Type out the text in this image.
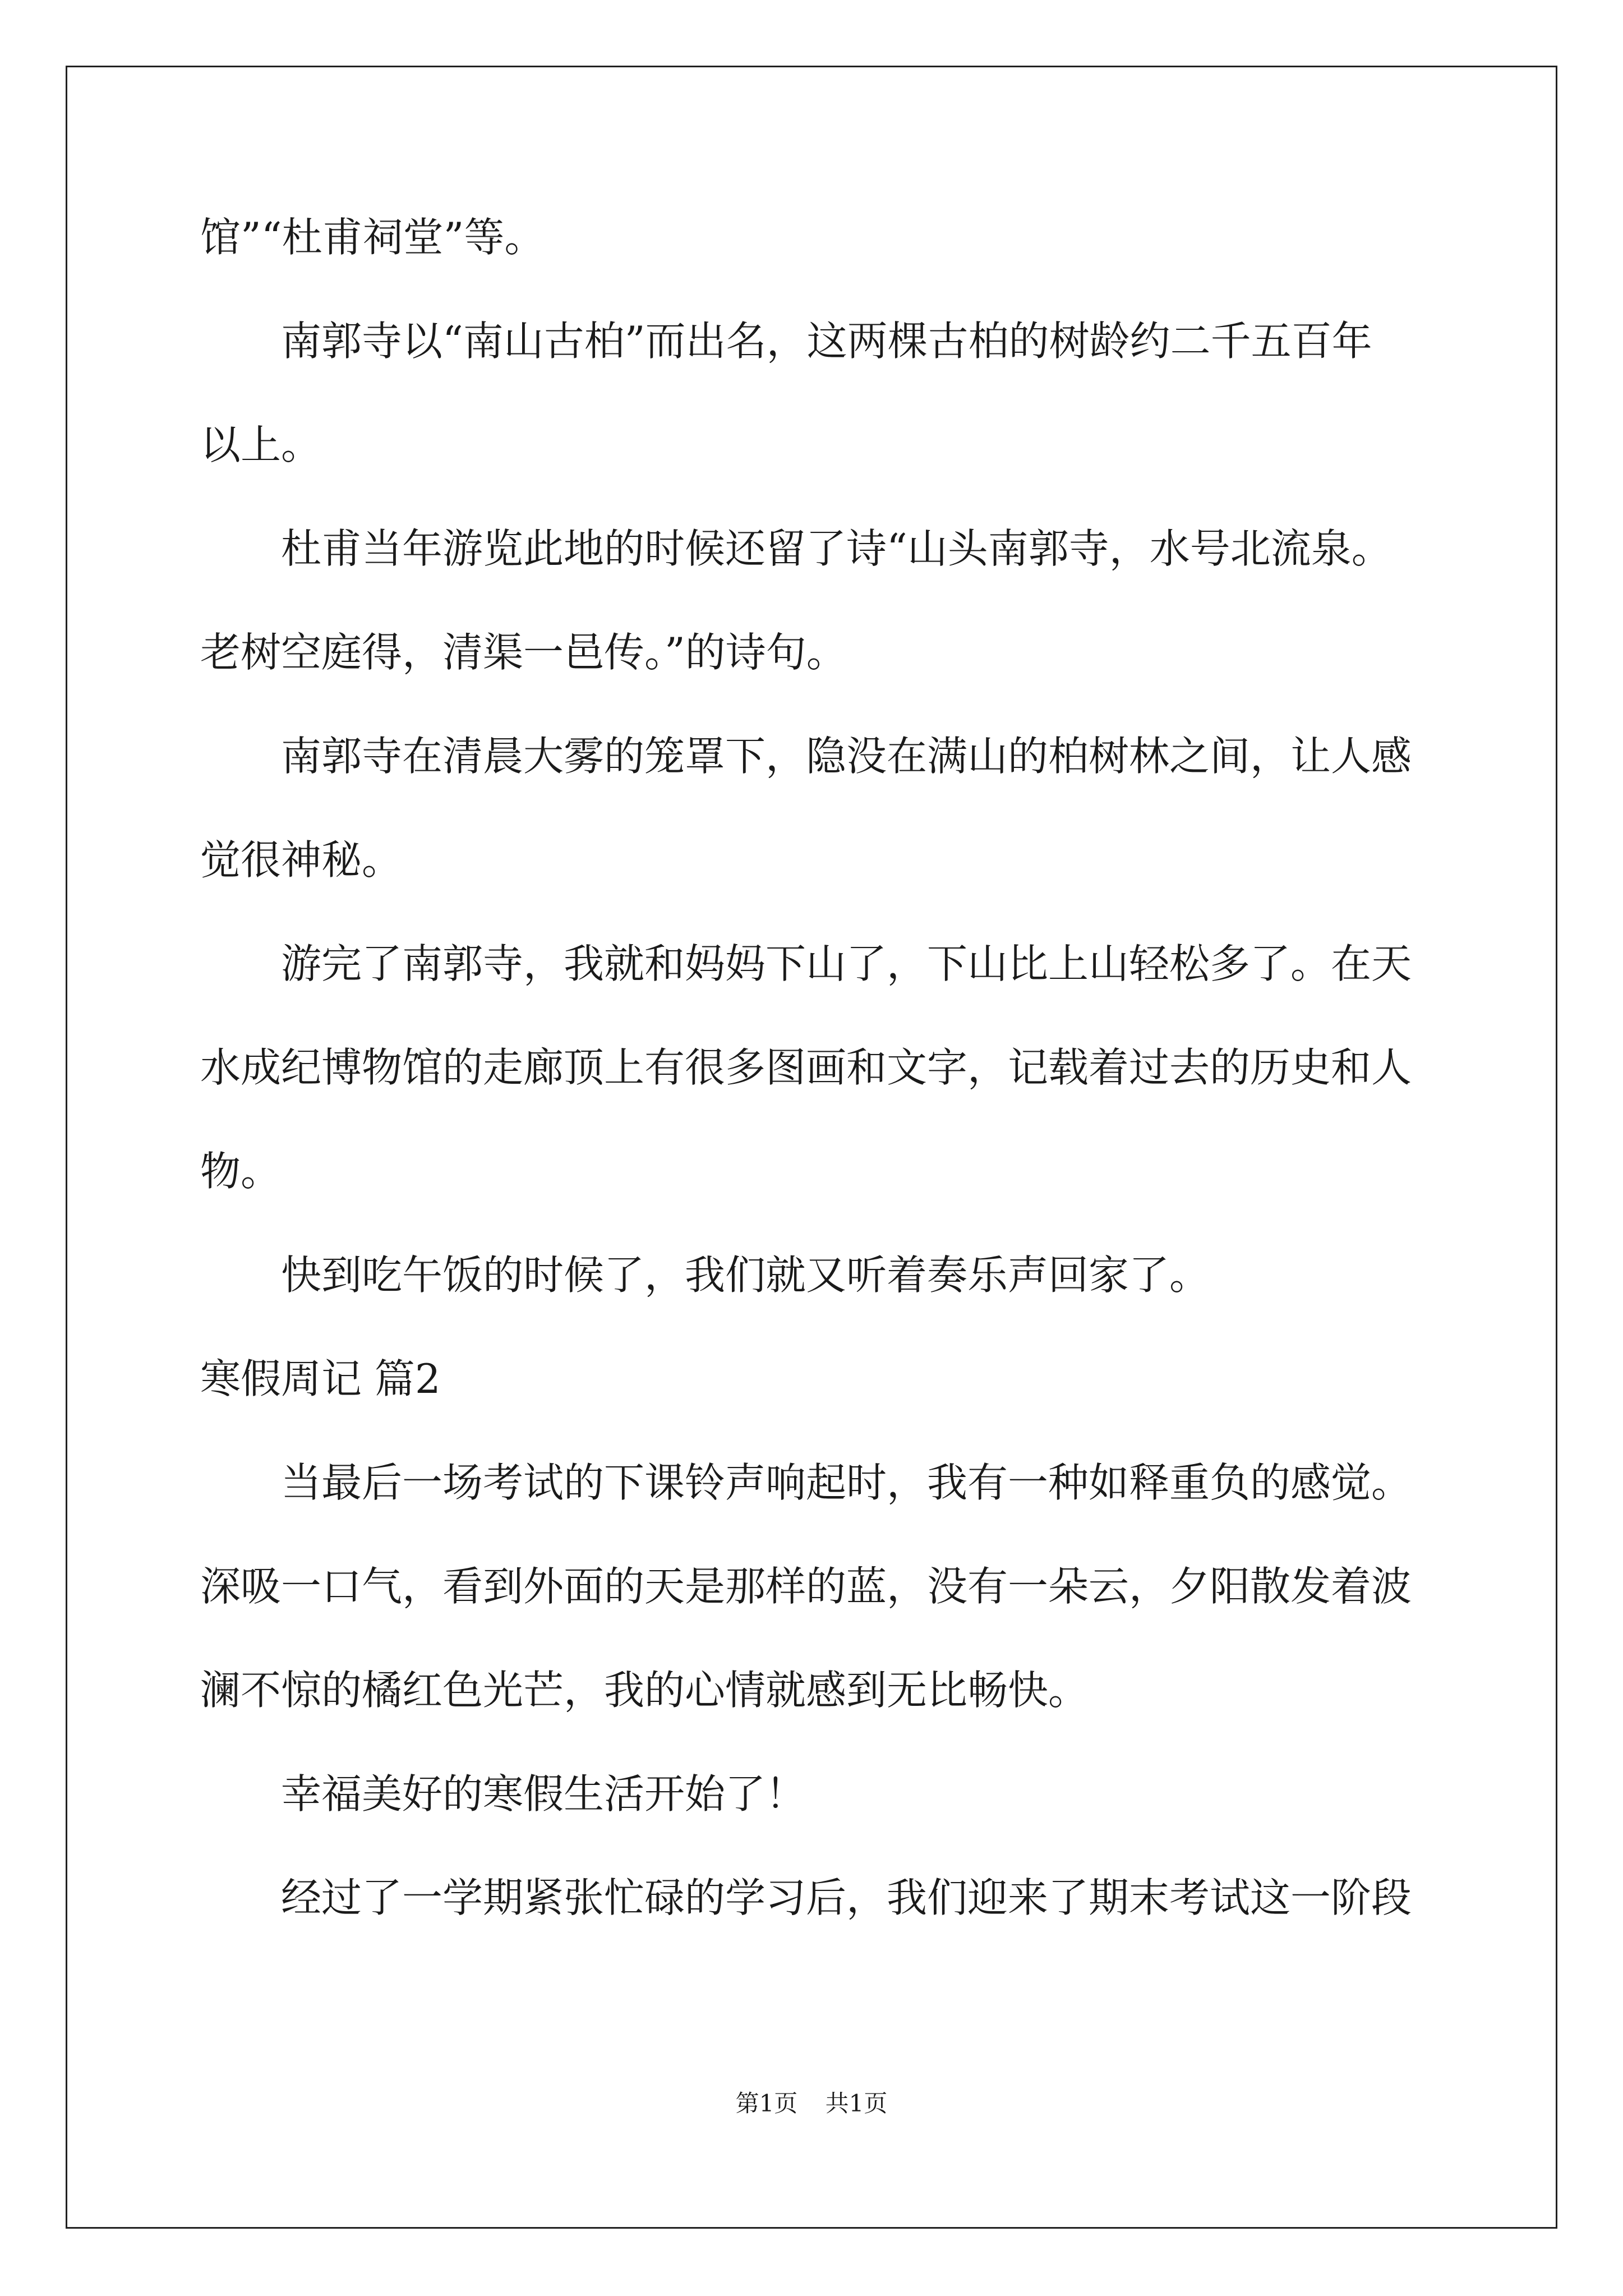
馆”“杜甫祠堂”等。
南郭寺以“南山古柏”而出名，这两棵古柏的树龄约二千五百年
以上。
杜甫当年游览此地的时候还留了诗“山头南郭寺，水号北流泉。
老树空庭得，清渠一邑传。”的诗句。
南郭寺在清晨大雾的笼罩下，隐没在满山的柏树林之间，让人感
觉很神秘。
游完了南郭寺，我就和妈妈下山了，下山比上山轻松多了。在天
水成纪博物馆的走廊顶上有很多图画和文字，记载着过去的历史和人
物。
快到吃午饭的时候了，我们就又听着奏乐声回家了。
寒假周记 篇2
当最后一场考试的下课铃声响起时，我有一种如释重负的感觉。
深吸一口气，看到外面的天是那样的蓝，没有一朵云，夕阳散发着波
澜不惊的橘红色光芒，我的心情就感到无比畅快。
幸福美好的寒假生活开始了！
经过了一学期紧张忙碌的学习后，我们迎来了期末考试这一阶段
第1页 共1页
